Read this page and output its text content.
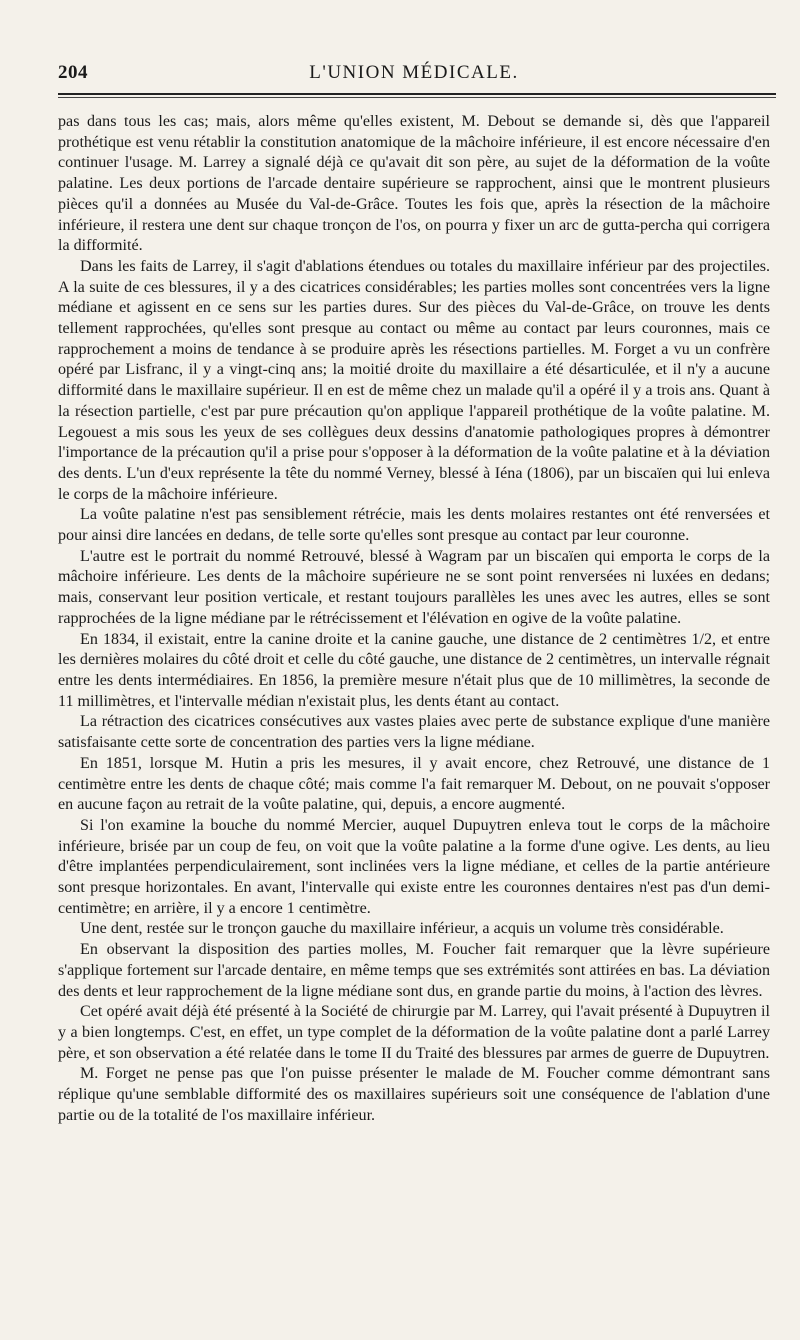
204	L'UNION MÉDICALE.

pas dans tous les cas; mais, alors même qu'elles existent, M. Debout se demande si, dès que l'appareil prothétique est venu rétablir la constitution anatomique de la mâchoire inférieure, il est encore nécessaire d'en continuer l'usage. M. Larrey a signalé déjà ce qu'avait dit son père, au sujet de la déformation de la voûte palatine. Les deux portions de l'arcade dentaire supérieure se rapprochent, ainsi que le montrent plusieurs pièces qu'il a données au Musée du Val-de-Grâce. Toutes les fois que, après la résection de la mâchoire inférieure, il restera une dent sur chaque tronçon de l'os, on pourra y fixer un arc de gutta-percha qui corrigera la difformité.

Dans les faits de Larrey, il s'agit d'ablations étendues ou totales du maxillaire inférieur par des projectiles. A la suite de ces blessures, il y a des cicatrices considérables; les parties molles sont concentrées vers la ligne médiane et agissent en ce sens sur les parties dures. Sur des pièces du Val-de-Grâce, on trouve les dents tellement rapprochées, qu'elles sont presque au contact ou même au contact par leurs couronnes, mais ce rapprochement a moins de tendance à se produire après les résections partielles. M. Forget a vu un confrère opéré par Lisfranc, il y a vingt-cinq ans; la moitié droite du maxillaire a été désarticulée, et il n'y a aucune difformité dans le maxillaire supérieur. Il en est de même chez un malade qu'il a opéré il y a trois ans. Quant à la résection partielle, c'est par pure précaution qu'on applique l'appareil prothétique de la voûte palatine. M. Legouest a mis sous les yeux de ses collègues deux dessins d'anatomie pathologiques propres à démontrer l'importance de la précaution qu'il a prise pour s'opposer à la déformation de la voûte palatine et à la déviation des dents. L'un d'eux représente la tête du nommé Verney, blessé à Iéna (1806), par un biscaïen qui lui enleva le corps de la mâchoire inférieure.

La voûte palatine n'est pas sensiblement rétrécie, mais les dents molaires restantes ont été renversées et pour ainsi dire lancées en dedans, de telle sorte qu'elles sont presque au contact par leur couronne.

L'autre est le portrait du nommé Retrouvé, blessé à Wagram par un biscaïen qui emporta le corps de la mâchoire inférieure. Les dents de la mâchoire supérieure ne se sont point renversées ni luxées en dedans; mais, conservant leur position verticale, et restant toujours parallèles les unes avec les autres, elles se sont rapprochées de la ligne médiane par le rétrécissement et l'élévation en ogive de la voûte palatine.

En 1834, il existait, entre la canine droite et la canine gauche, une distance de 2 centimètres 1/2, et entre les dernières molaires du côté droit et celle du côté gauche, une distance de 2 centimètres, un intervalle régnait entre les dents intermédiaires. En 1856, la première mesure n'était plus que de 10 millimètres, la seconde de 11 millimètres, et l'intervalle médian n'existait plus, les dents étant au contact.

La rétraction des cicatrices consécutives aux vastes plaies avec perte de substance explique d'une manière satisfaisante cette sorte de concentration des parties vers la ligne médiane.

En 1851, lorsque M. Hutin a pris les mesures, il y avait encore, chez Retrouvé, une distance de 1 centimètre entre les dents de chaque côté; mais comme l'a fait remarquer M. Debout, on ne pouvait s'opposer en aucune façon au retrait de la voûte palatine, qui, depuis, a encore augmenté.

Si l'on examine la bouche du nommé Mercier, auquel Dupuytren enleva tout le corps de la mâchoire inférieure, brisée par un coup de feu, on voit que la voûte palatine a la forme d'une ogive. Les dents, au lieu d'être implantées perpendiculairement, sont inclinées vers la ligne médiane, et celles de la partie antérieure sont presque horizontales. En avant, l'intervalle qui existe entre les couronnes dentaires n'est pas d'un demi-centimètre; en arrière, il y a encore 1 centimètre.

Une dent, restée sur le tronçon gauche du maxillaire inférieur, a acquis un volume très considérable.

En observant la disposition des parties molles, M. Foucher fait remarquer que la lèvre supérieure s'applique fortement sur l'arcade dentaire, en même temps que ses extrémités sont attirées en bas. La déviation des dents et leur rapprochement de la ligne médiane sont dus, en grande partie du moins, à l'action des lèvres.

Cet opéré avait déjà été présenté à la Société de chirurgie par M. Larrey, qui l'avait présenté à Dupuytren il y a bien longtemps. C'est, en effet, un type complet de la déformation de la voûte palatine dont a parlé Larrey père, et son observation a été relatée dans le tome II du Traité des blessures par armes de guerre de Dupuytren.

M. Forget ne pense pas que l'on puisse présenter le malade de M. Foucher comme démontrant sans réplique qu'une semblable difformité des os maxillaires supérieurs soit une conséquence de l'ablation d'une partie ou de la totalité de l'os maxillaire inférieur.
